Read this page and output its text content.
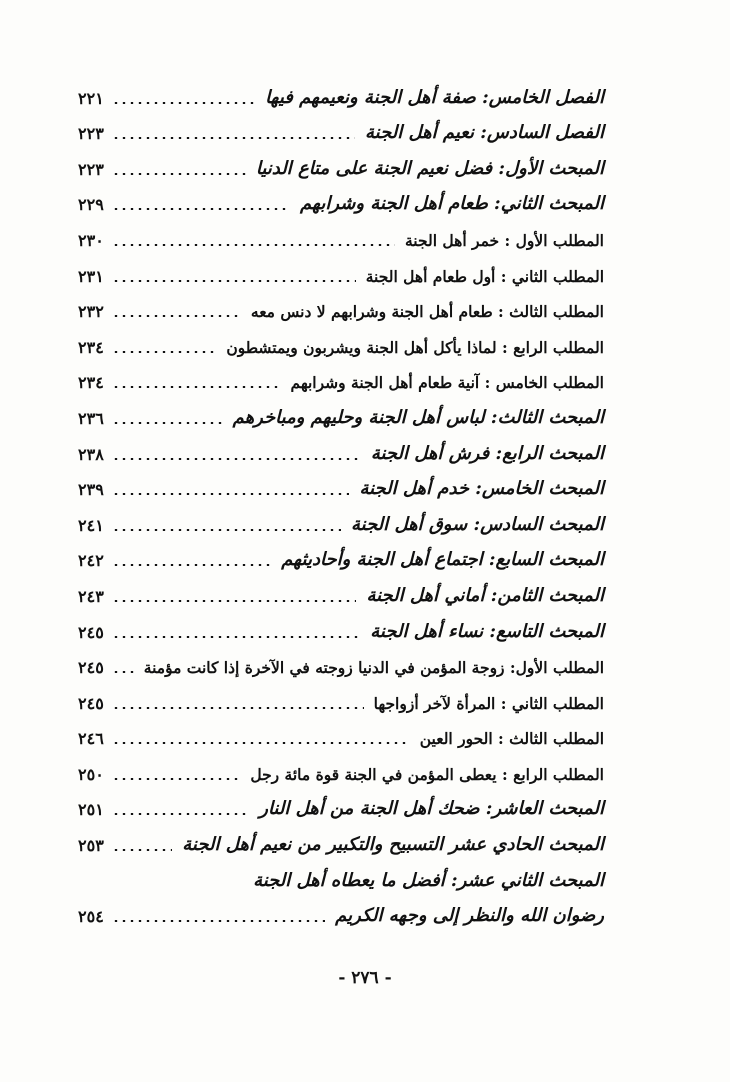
الفصل الخامس: صفة أهل الجنة ونعيمهم فيها
٢٢١
الفصل السادس: نعيم أهل الجنة
٢٢٣
المبحث الأول: فضل نعيم الجنة على متاع الدنيا
٢٢٣
المبحث الثاني: طعام أهل الجنة وشرابهم
٢٢٩
المطلب الأول : خمر أهل الجنة
٢٣٠
المطلب الثاني : أول طعام أهل الجنة
٢٣١
المطلب الثالث : طعام أهل الجنة وشرابهم لا دنس معه
٢٣٢
المطلب الرابع : لماذا يأكل أهل الجنة ويشربون ويمتشطون
٢٣٤
المطلب الخامس : آنية طعام أهل الجنة وشرابهم
٢٣٤
المبحث الثالث: لباس أهل الجنة وحليهم ومباخرهم
٢٣٦
المبحث الرابع: فرش أهل الجنة
٢٣٨
المبحث الخامس: خدم أهل الجنة
٢٣٩
المبحث السادس: سوق أهل الجنة
٢٤١
المبحث السابع: اجتماع أهل الجنة وأحاديثهم
٢٤٢
المبحث الثامن: أماني أهل الجنة
٢٤٣
المبحث التاسع: نساء أهل الجنة
٢٤٥
المطلب الأول: زوجة المؤمن في الدنيا زوجته في الآخرة إذا كانت مؤمنة
٢٤٥
المطلب الثاني : المرأة لآخر أزواجها
٢٤٥
المطلب الثالث : الحور العين
٢٤٦
المطلب الرابع : يعطى المؤمن في الجنة قوة مائة رجل
٢٥٠
المبحث العاشر: ضحك أهل الجنة من أهل النار
٢٥١
المبحث الحادي عشر التسبيح والتكبير من نعيم أهل الجنة
٢٥٣
المبحث الثاني عشر: أفضل ما يعطاه أهل الجنة
رضوان الله والنظر إلى وجهه الكريم
٢٥٤
- ٢٧٦ -
